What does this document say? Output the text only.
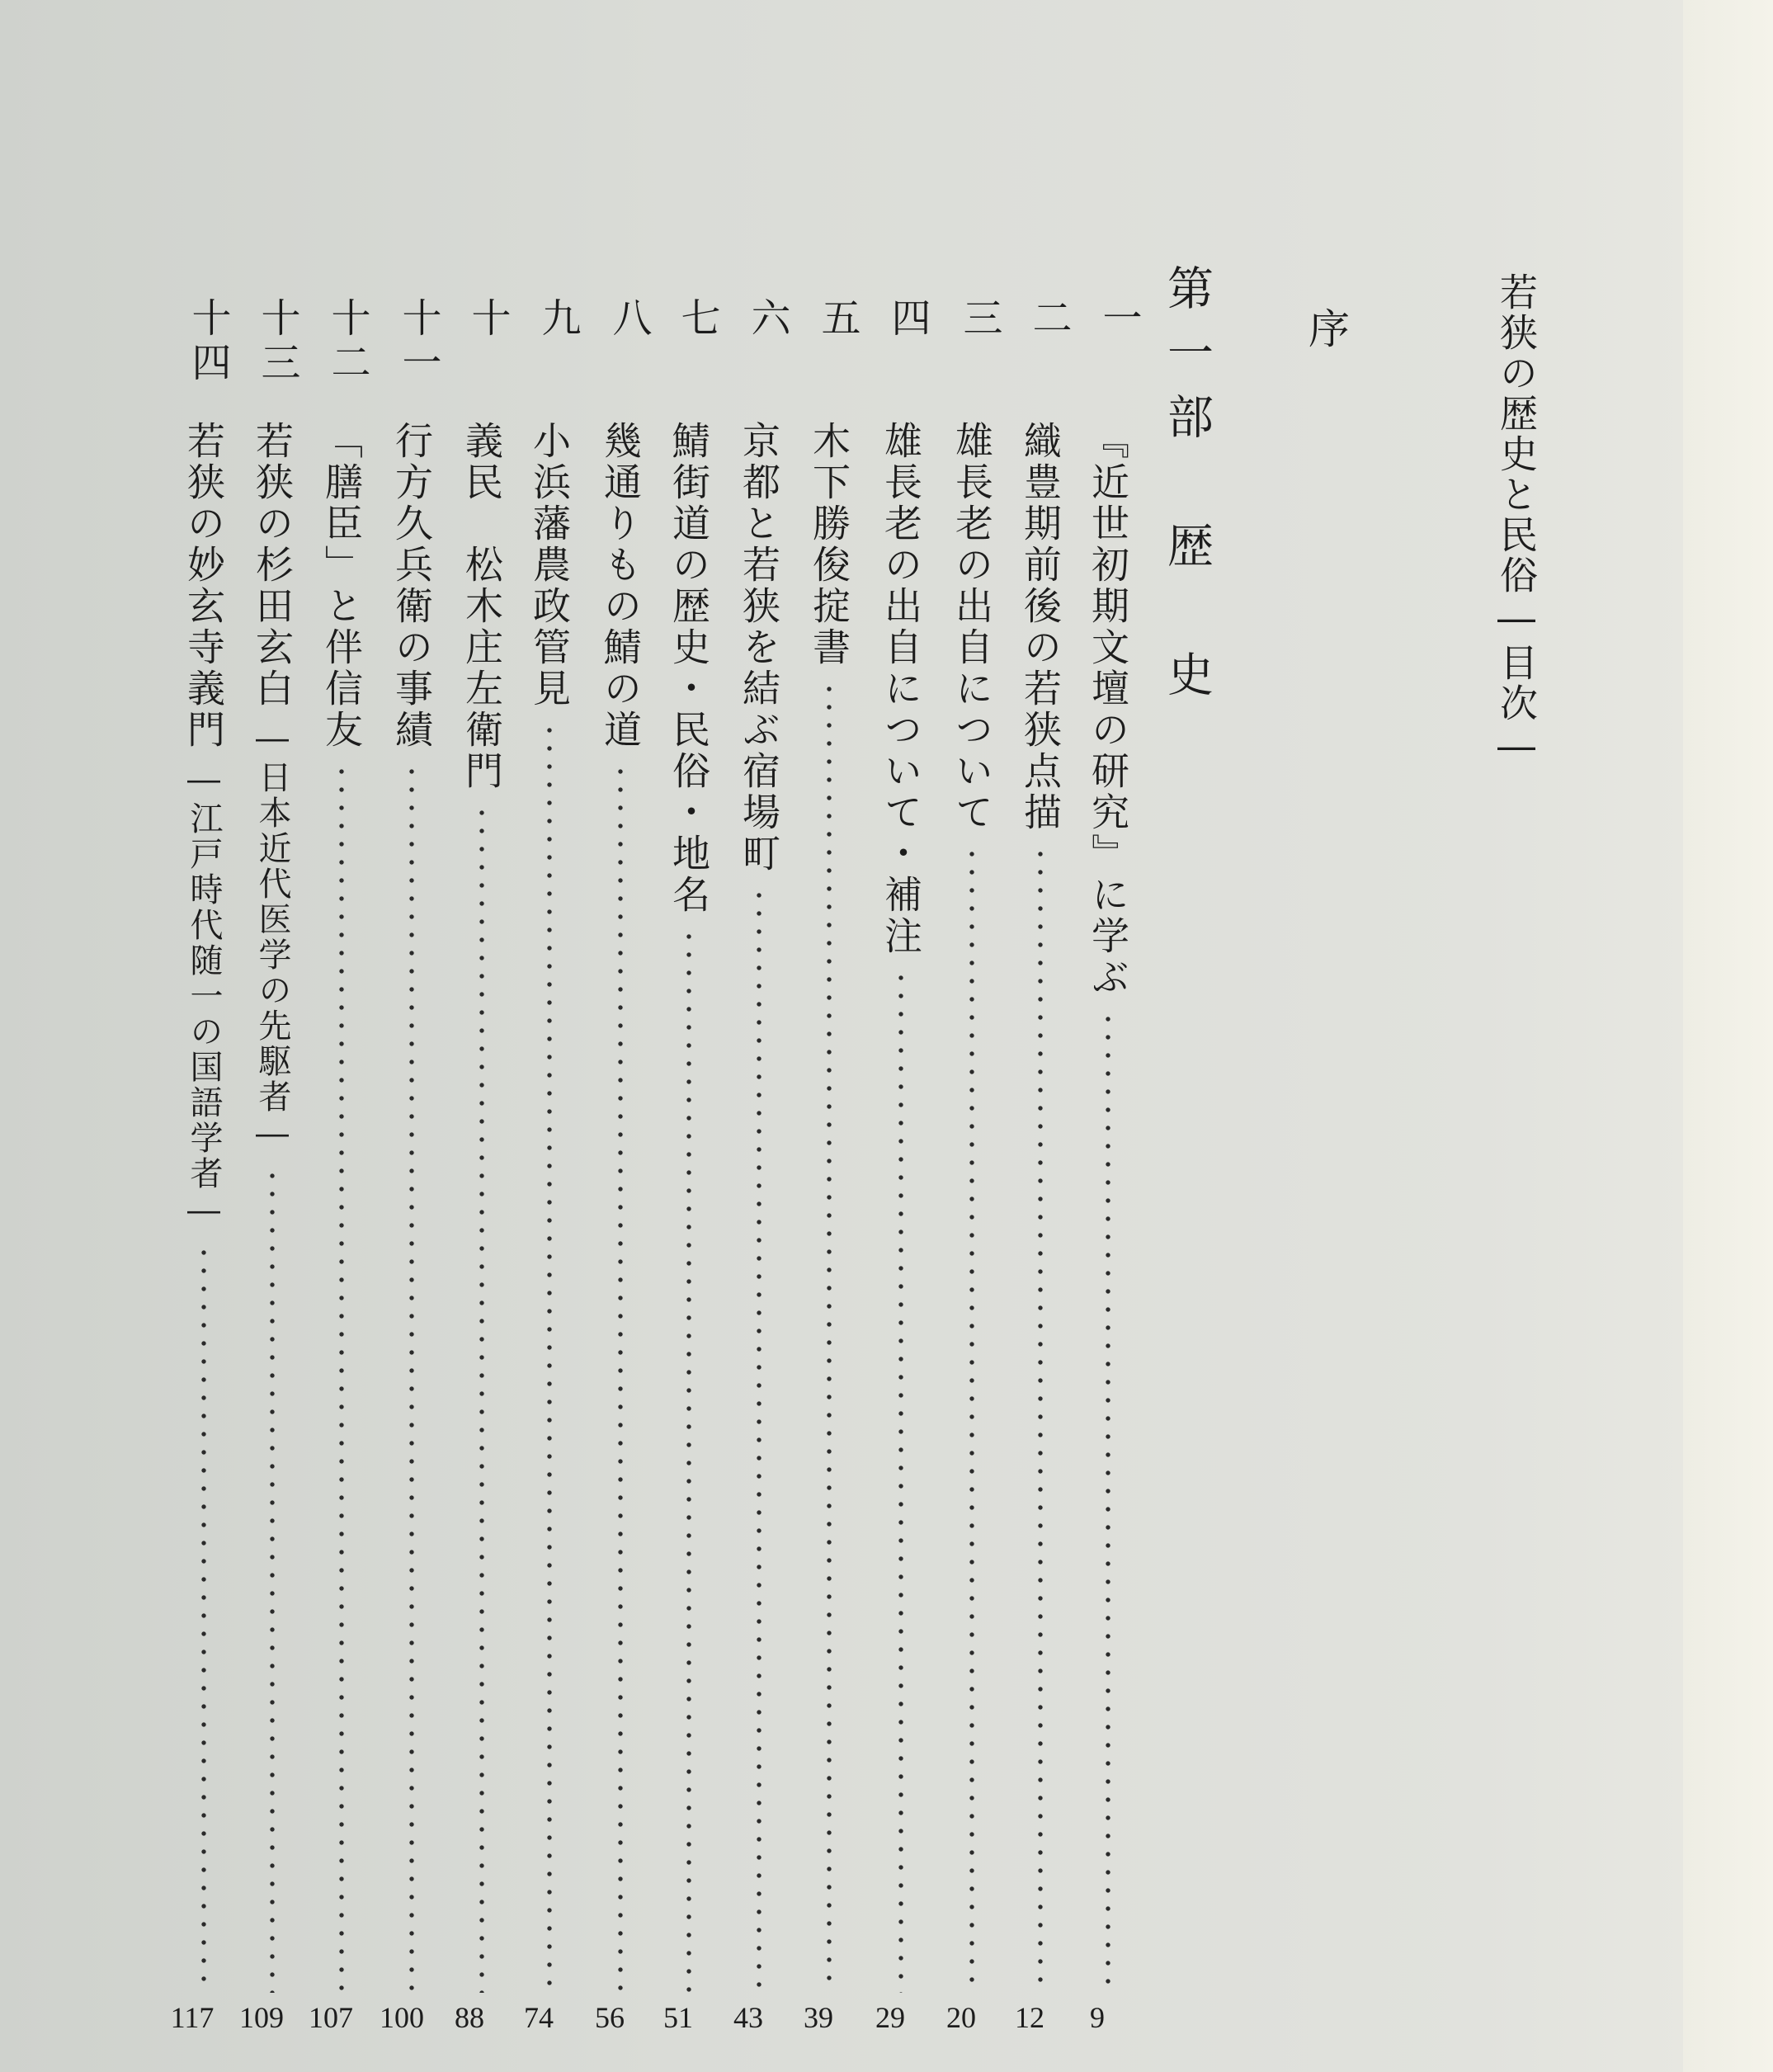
若狭の歴史と民俗―目次―
序
第一部　歴　史
一
『近世初期文壇の研究』に学ぶ
9
二
織豊期前後の若狭点描
12
三
雄長老の出自について
20
四
雄長老の出自について・補注
29
五
木下勝俊掟書
39
六
京都と若狭を結ぶ宿場町
43
七
鯖街道の歴史・民俗・地名
51
八
幾通りもの鯖の道
56
九
小浜藩農政管見
74
十
義民　松木庄左衛門
88
十一
行方久兵衛の事績
100
十二
「膳臣」と伴信友
107
十三
若狭の杉田玄白
―日本近代医学の先駆者―
109
十四
若狭の妙玄寺義門
―江戸時代随一の国語学者―
117
